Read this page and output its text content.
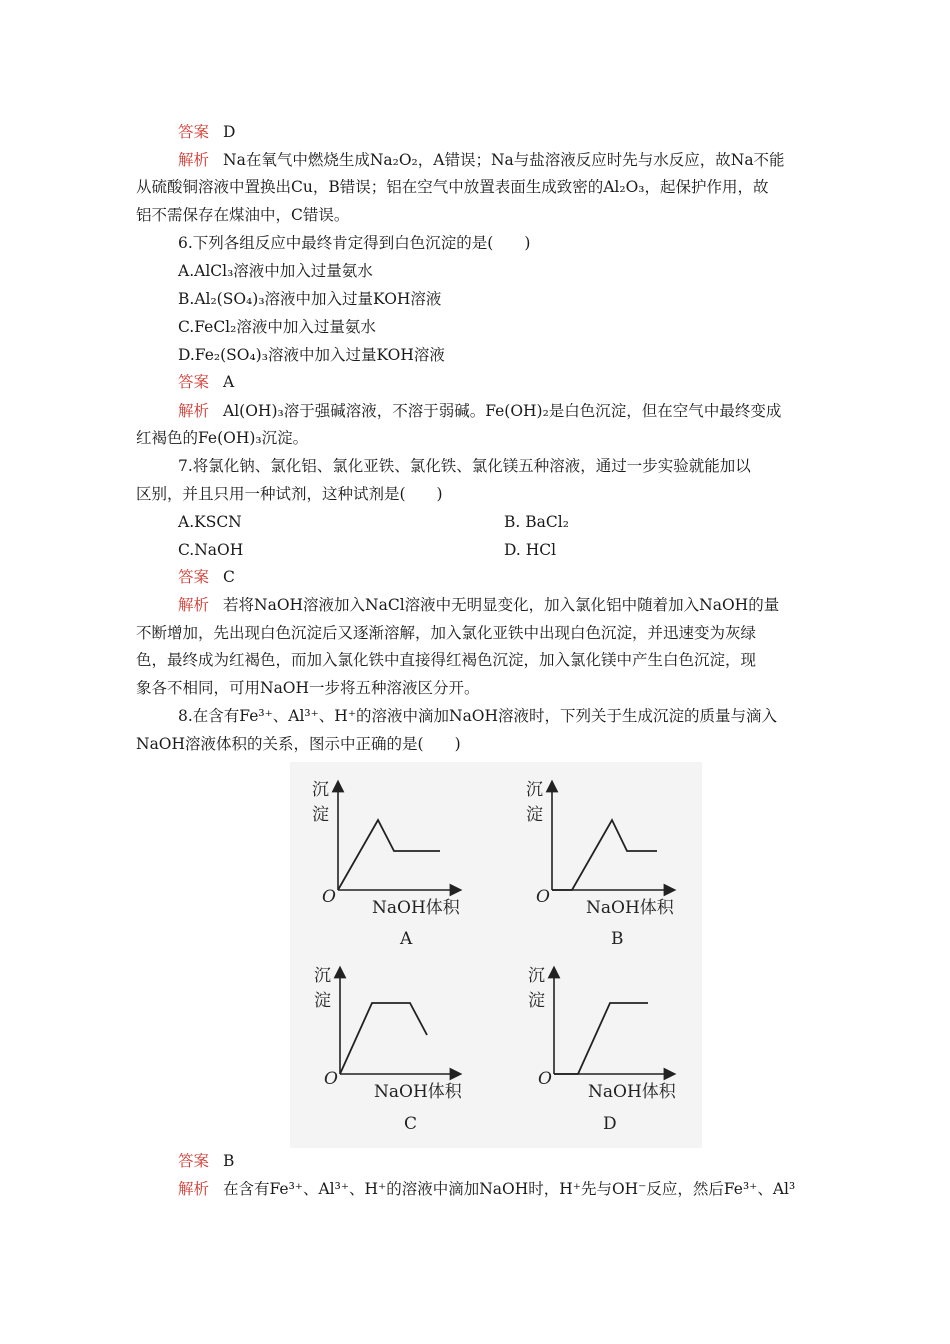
答案 D
解析 Na在氧气中燃烧生成Na₂O₂，A错误；Na与盐溶液反应时先与水反应，故Na不能
从硫酸铜溶液中置换出Cu，B错误；铝在空气中放置表面生成致密的Al₂O₃，起保护作用，故
铝不需保存在煤油中，C错误。
6.下列各组反应中最终肯定得到白色沉淀的是(　　)
A.AlCl₃溶液中加入过量氨水
B.Al₂(SO₄)₃溶液中加入过量KOH溶液
C.FeCl₂溶液中加入过量氨水
D.Fe₂(SO₄)₃溶液中加入过量KOH溶液
答案 A
解析 Al(OH)₃溶于强碱溶液，不溶于弱碱。Fe(OH)₂是白色沉淀，但在空气中最终变成
红褐色的Fe(OH)₃沉淀。
7.将氯化钠、氯化铝、氯化亚铁、氯化铁、氯化镁五种溶液，通过一步实验就能加以
区别，并且只用一种试剂，这种试剂是(　　)
A.KSCN	B. BaCl₂
C.NaOH	D. HCl
答案 C
解析 若将NaOH溶液加入NaCl溶液中无明显变化，加入氯化铝中随着加入NaOH的量
不断增加，先出现白色沉淀后又逐渐溶解，加入氯化亚铁中出现白色沉淀，并迅速变为灰绿
色，最终成为红褐色，而加入氯化铁中直接得红褐色沉淀，加入氯化镁中产生白色沉淀，现
象各不相同，可用NaOH一步将五种溶液区分开。
8.在含有Fe³⁺、Al³⁺、H⁺的溶液中滴加NaOH溶液时，下列关于生成沉淀的质量与滴入
NaOH溶液体积的关系，图示中正确的是(　　)
沉
淀
O
NaOH体积
A
沉
淀
O
NaOH体积
B
沉
淀
O
NaOH体积
C
沉
淀
O
NaOH体积
D
答案 B
解析 在含有Fe³⁺、Al³⁺、H⁺的溶液中滴加NaOH时，H⁺先与OH⁻反应，然后Fe³⁺、Al³
